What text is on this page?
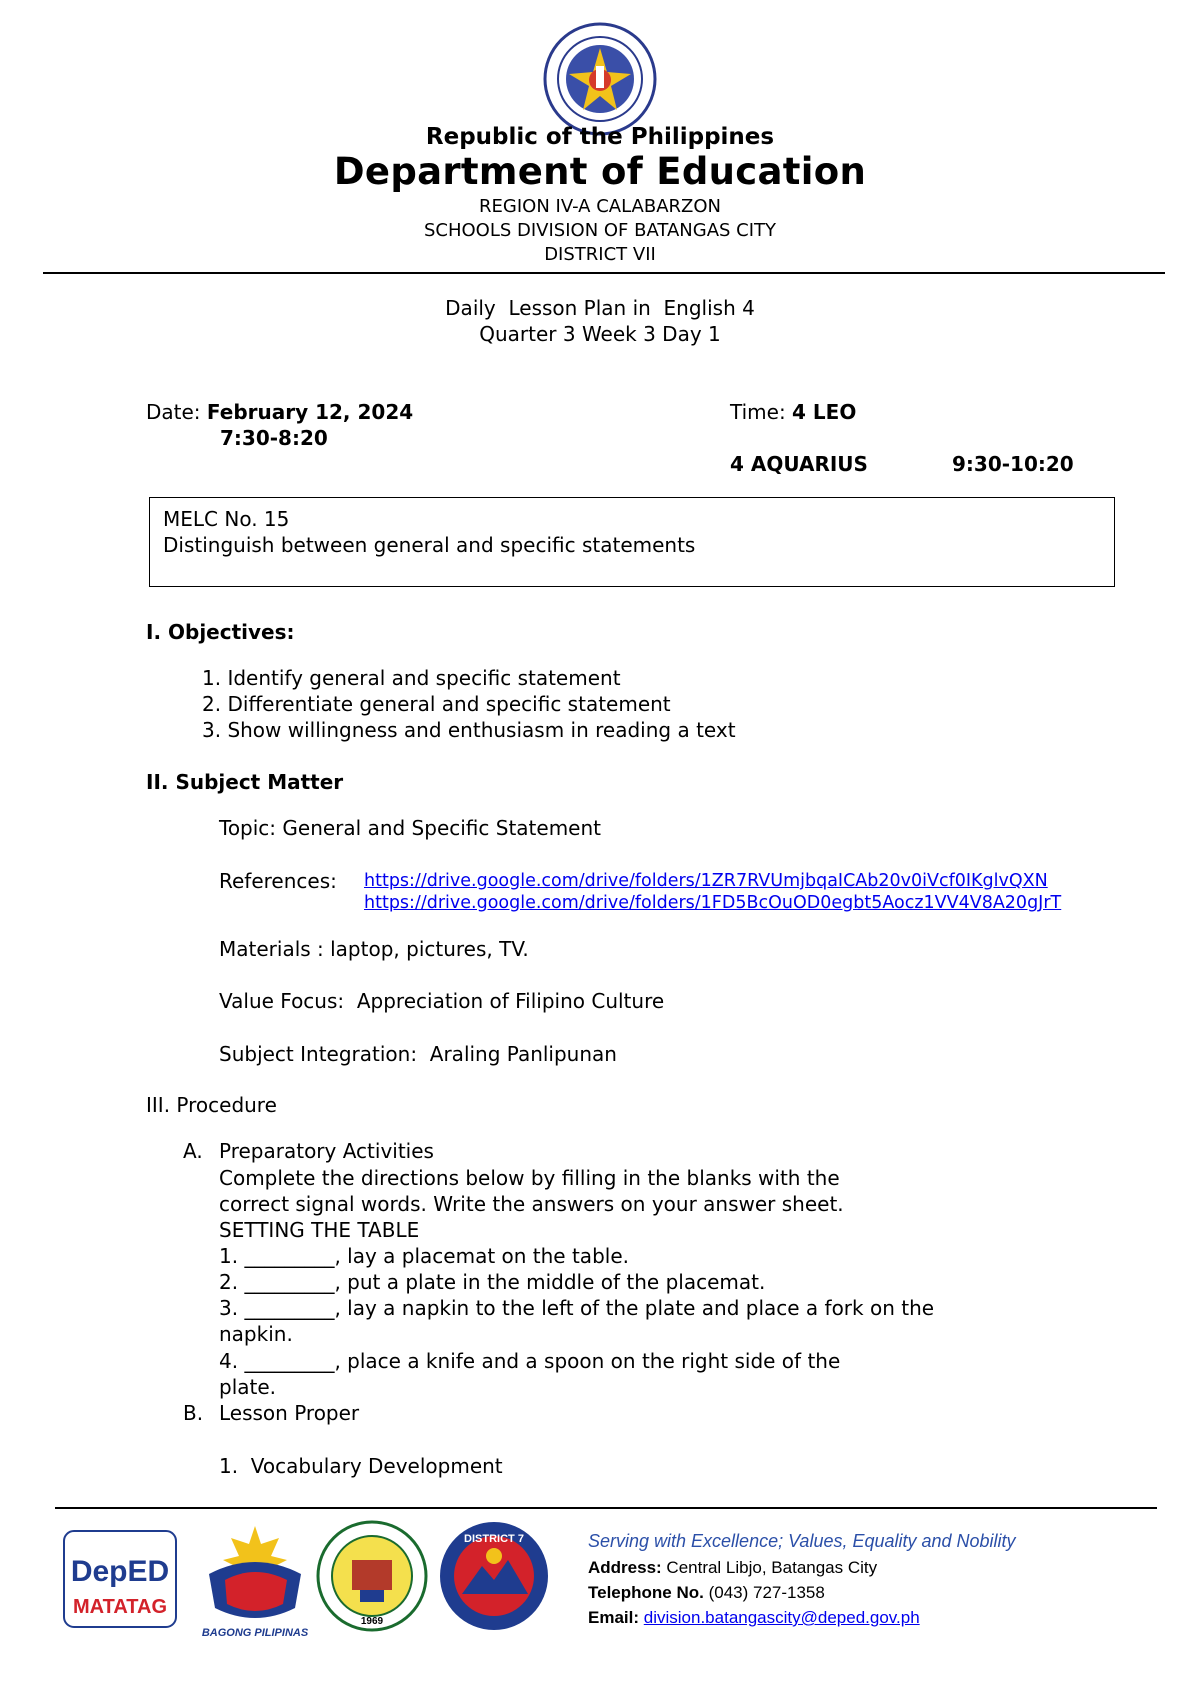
Republic of the Philippines
Department of Education
REGION IV-A CALABARZON
SCHOOLS DIVISION OF BATANGAS CITY
DISTRICT VII
Daily  Lesson Plan in  English 4
Quarter 3 Week 3 Day 1
Date: February 12, 2024
7:30-8:20
Time: 4 LEO
4 AQUARIUS	9:30-10:20
MELC No. 15
Distinguish between general and specific statements
I. Objectives:
1. Identify general and specific statement
2. Differentiate general and specific statement
3. Show willingness and enthusiasm in reading a text
II. Subject Matter
Topic: General and Specific Statement
References: https://drive.google.com/drive/folders/1ZR7RVUmjbqaICAb20v0iVcf0IKglvQXN
https://drive.google.com/drive/folders/1FD5BcOuOD0egbt5Aocz1VV4V8A20gJrT
Materials : laptop, pictures, TV.
Value Focus:  Appreciation of Filipino Culture
Subject Integration:  Araling Panlipunan
III. Procedure
A. Preparatory Activities
Complete the directions below by filling in the blanks with the
correct signal words. Write the answers on your answer sheet.
SETTING THE TABLE
1. _________, lay a placemat on the table.
2. _________, put a plate in the middle of the placemat.
3. _________, lay a napkin to the left of the plate and place a fork on the
napkin.
4. _________, place a knife and a spoon on the right side of the
plate.
B. Lesson Proper
1.  Vocabulary Development
DepED
MATATAG
BAGONG PILIPINAS
1969
DISTRICT 7	Serving with Excellence; Values, Equality and Nobility
Address: Central Libjo, Batangas City
Telephone No. (043) 727-1358
Email: division.batangascity@deped.gov.ph
